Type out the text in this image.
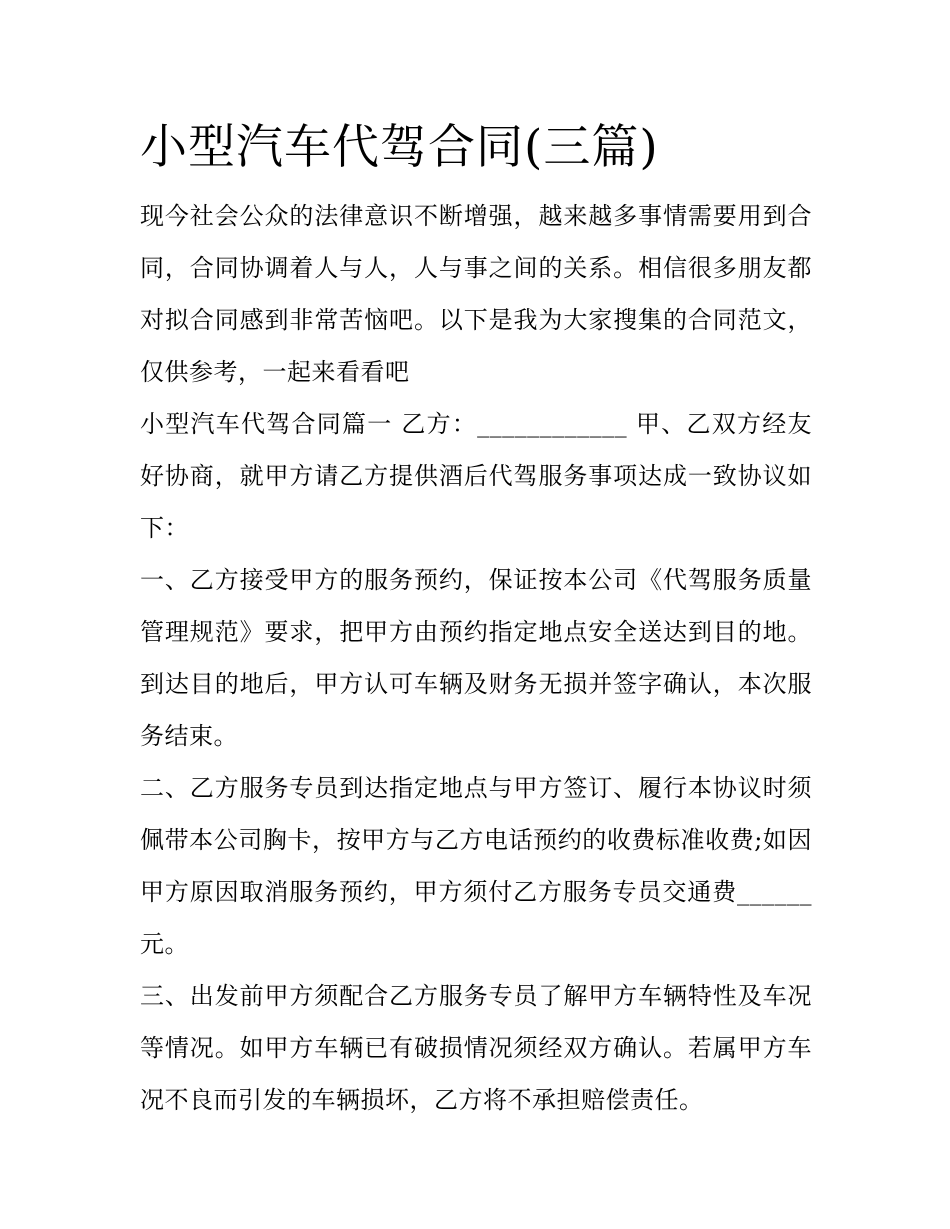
小型汽车代驾合同(三篇)

现今社会公众的法律意识不断增强，越来越多事情需要用到合同，合同协调着人与人，人与事之间的关系。相信很多朋友都对拟合同感到非常苦恼吧。以下是我为大家搜集的合同范文，仅供参考，一起来看看吧

小型汽车代驾合同篇一 乙方：____________ 甲、乙双方经友好协商，就甲方请乙方提供酒后代驾服务事项达成一致协议如下：

一、乙方接受甲方的服务预约，保证按本公司《代驾服务质量管理规范》要求，把甲方由预约指定地点安全送达到目的地。到达目的地后，甲方认可车辆及财务无损并签字确认，本次服务结束。

二、乙方服务专员到达指定地点与甲方签订、履行本协议时须佩带本公司胸卡，按甲方与乙方电话预约的收费标准收费;如因甲方原因取消服务预约，甲方须付乙方服务专员交通费______元。

三、出发前甲方须配合乙方服务专员了解甲方车辆特性及车况等情况。如甲方车辆已有破损情况须经双方确认。若属甲方车况不良而引发的车辆损坏，乙方将不承担赔偿责任。
